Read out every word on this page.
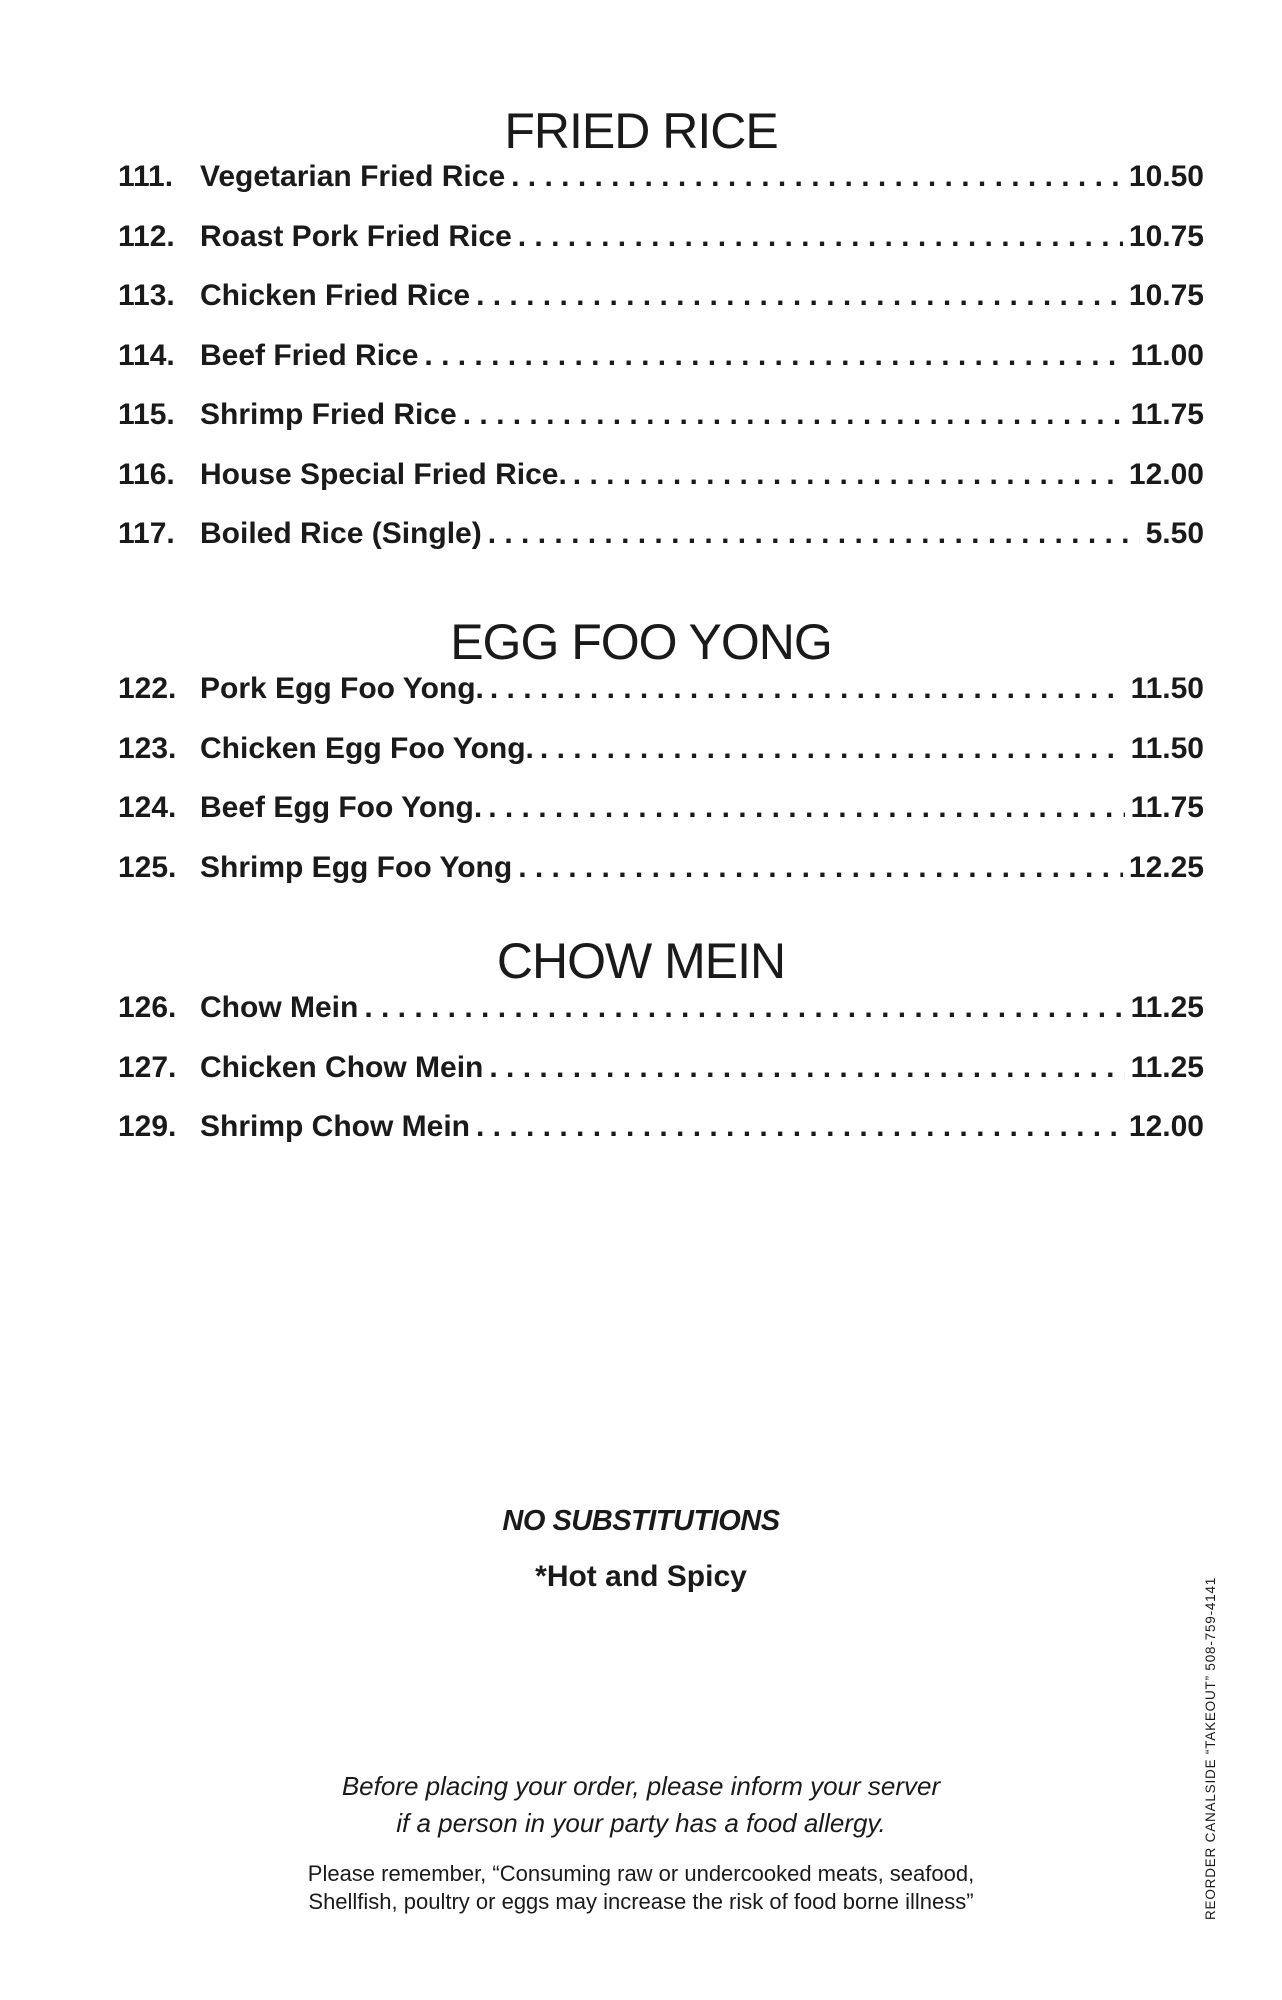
FRIED RICE
111. Vegetarian Fried Rice . . .	10.50
112. Roast Pork Fried Rice . . .	10.75
113. Chicken Fried Rice . . .	10.75
114. Beef Fried Rice . . .	11.00
115. Shrimp Fried Rice . . .	11.75
116. House Special Fried Rice. . . .	12.00
117. Boiled Rice (Single) . . .	5.50
EGG FOO YONG
122. Pork Egg Foo Yong. . . .	11.50
123. Chicken Egg Foo Yong. . . .	11.50
124. Beef Egg Foo Yong. . . .	11.75
125. Shrimp Egg Foo Yong . . .	12.25
CHOW MEIN
126. Chow Mein . . .	11.25
127. Chicken Chow Mein . . .	11.25
129. Shrimp Chow Mein . . .	12.00
NO SUBSTITUTIONS
*Hot and Spicy
Before placing your order, please inform your server
if a person in your party has a food allergy.
Please remember, “Consuming raw or undercooked meats, seafood,
Shellfish, poultry or eggs may increase the risk of food borne illness”	REORDER CANALSIDE “TAKEOUT” 508-759-4141
